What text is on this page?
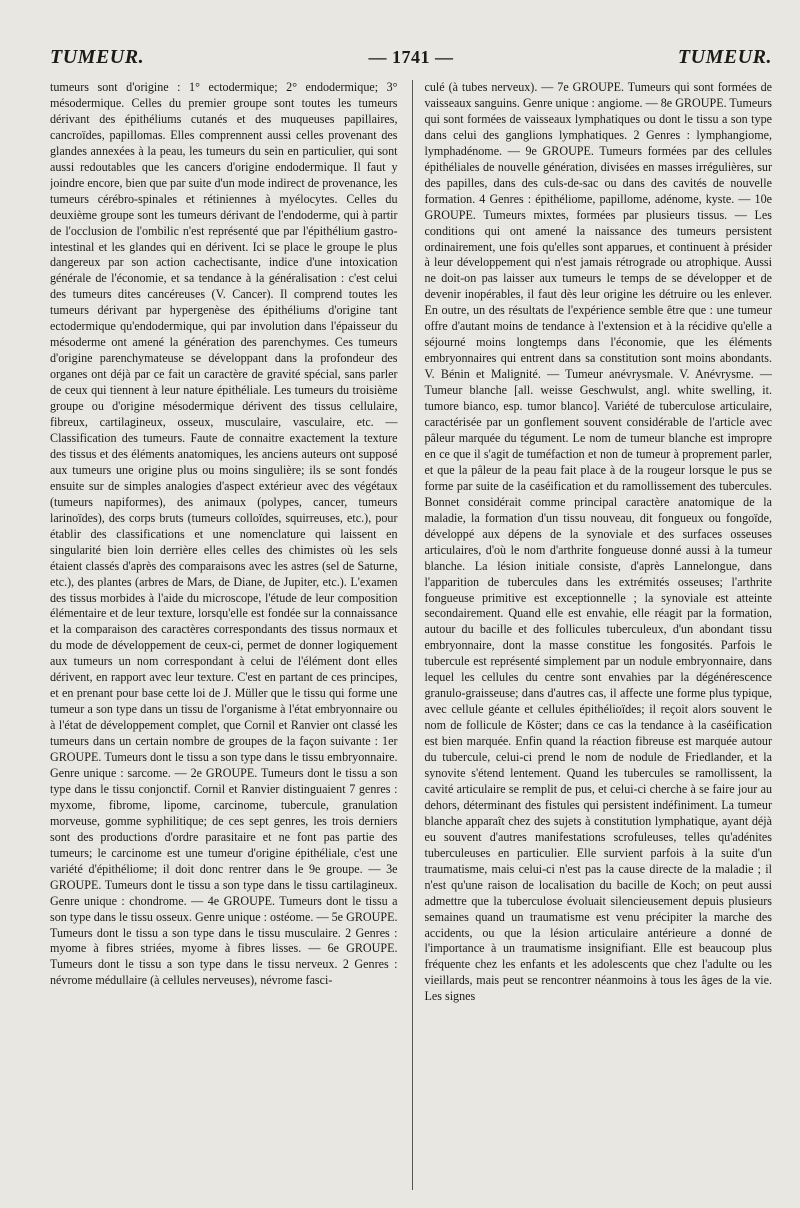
TUMEUR.	— 1741 —	TUMEUR.

tumeurs sont d'origine : 1° ectodermique; 2° endodermique; 3° mésodermique. Celles du premier groupe sont toutes les tumeurs dérivant des épithéliums cutanés et des muqueuses papillaires, cancroïdes, papillomas. Elles comprennent aussi celles provenant des glandes annexées à la peau, les tumeurs du sein en particulier, qui sont aussi redoutables que les cancers d'origine endodermique. Il faut y joindre encore, bien que par suite d'un mode indirect de provenance, les tumeurs cérébro-spinales et rétiniennes à myélocytes. Celles du deuxième groupe sont les tumeurs dérivant de l'endoderme, qui à partir de l'occlusion de l'ombilic n'est représenté que par l'épithélium gastro-intestinal et les glandes qui en dérivent. Ici se place le groupe le plus dangereux par son action cachectisante, indice d'une intoxication générale de l'économie, et sa tendance à la généralisation : c'est celui des tumeurs dites cancéreuses (V. Cancer). Il comprend toutes les tumeurs dérivant par hypergenèse des épithéliums d'origine tant ectodermique qu'endodermique, qui par involution dans l'épaisseur du mésoderme ont amené la génération des parenchymes. Ces tumeurs d'origine parenchymateuse se développant dans la profondeur des organes ont déjà par ce fait un caractère de gravité spécial, sans parler de ceux qui tiennent à leur nature épithéliale. Les tumeurs du troisième groupe ou d'origine mésodermique dérivent des tissus cellulaire, fibreux, cartilagineux, osseux, musculaire, vasculaire, etc. — Classification des tumeurs. Faute de connaitre exactement la texture des tissus et des éléments anatomiques, les anciens auteurs ont supposé aux tumeurs une origine plus ou moins singulière; ils se sont fondés ensuite sur de simples analogies d'aspect extérieur avec des végétaux (tumeurs napiformes), des animaux (polypes, cancer, tumeurs larinoïdes), des corps bruts (tumeurs colloïdes, squirreuses, etc.), pour établir des classifications et une nomenclature qui laissent en singularité bien loin derrière elles celles des chimistes où les sels étaient classés d'après des comparaisons avec les astres (sel de Saturne, etc.), des plantes (arbres de Mars, de Diane, de Jupiter, etc.). L'examen des tissus morbides à l'aide du microscope, l'étude de leur composition élémentaire et de leur texture, lorsqu'elle est fondée sur la connaissance et la comparaison des caractères correspondants des tissus normaux et du mode de développement de ceux-ci, permet de donner logiquement aux tumeurs un nom correspondant à celui de l'élément dont elles dérivent, en rapport avec leur texture. C'est en partant de ces principes, et en prenant pour base cette loi de J. Müller que le tissu qui forme une tumeur a son type dans un tissu de l'organisme à l'état embryonnaire ou à l'état de développement complet, que Cornil et Ranvier ont classé les tumeurs dans un certain nombre de groupes de la façon suivante : 1er GROUPE. Tumeurs dont le tissu a son type dans le tissu embryonnaire. Genre unique : sarcome. — 2e GROUPE. Tumeurs dont le tissu a son type dans le tissu conjonctif. Cornil et Ranvier distinguaient 7 genres : myxome, fibrome, lipome, carcinome, tubercule, granulation morveuse, gomme syphilitique; de ces sept genres, les trois derniers sont des productions d'ordre parasitaire et ne font pas partie des tumeurs; le carcinome est une tumeur d'origine épithéliale, c'est une variété d'épithéliome; il doit donc rentrer dans le 9e groupe. — 3e GROUPE. Tumeurs dont le tissu a son type dans le tissu cartilagineux. Genre unique : chondrome. — 4e GROUPE. Tumeurs dont le tissu a son type dans le tissu osseux. Genre unique : ostéome. — 5e GROUPE. Tumeurs dont le tissu a son type dans le tissu musculaire. 2 Genres : myome à fibres striées, myome à fibres lisses. — 6e GROUPE. Tumeurs dont le tissu a son type dans le tissu nerveux. 2 Genres : névrome médullaire (à cellules nerveuses), névrome fasci-

culé (à tubes nerveux). — 7e GROUPE. Tumeurs qui sont formées de vaisseaux sanguins. Genre unique : angiome. — 8e GROUPE. Tumeurs qui sont formées de vaisseaux lymphatiques ou dont le tissu a son type dans celui des ganglions lymphatiques. 2 Genres : lymphangiome, lymphadénome. — 9e GROUPE. Tumeurs formées par des cellules épithéliales de nouvelle génération, divisées en masses irrégulières, sur des papilles, dans des culs-de-sac ou dans des cavités de nouvelle formation. 4 Genres : épithéliome, papillome, adénome, kyste. — 10e GROUPE. Tumeurs mixtes, formées par plusieurs tissus. — Les conditions qui ont amené la naissance des tumeurs persistent ordinairement, une fois qu'elles sont apparues, et continuent à présider à leur développement qui n'est jamais rétrograde ou atrophique. Aussi ne doit-on pas laisser aux tumeurs le temps de se développer et de devenir inopérables, il faut dès leur origine les détruire ou les enlever. En outre, un des résultats de l'expérience semble être que : une tumeur offre d'autant moins de tendance à l'extension et à la récidive qu'elle a séjourné moins longtemps dans l'économie, que les éléments embryonnaires qui entrent dans sa constitution sont moins abondants. V. Bénin et Malignité. — Tumeur anévrysmale. V. Anévrysme. — Tumeur blanche [all. weisse Geschwulst, angl. white swelling, it. tumore bianco, esp. tumor blanco]. Variété de tuberculose articulaire, caractérisée par un gonflement souvent considérable de l'article avec pâleur marquée du tégument. Le nom de tumeur blanche est impropre en ce que il s'agit de tuméfaction et non de tumeur à proprement parler, et que la pâleur de la peau fait place à de la rougeur lorsque le pus se forme par suite de la caséification et du ramollissement des tubercules. Bonnet considérait comme principal caractère anatomique de la maladie, la formation d'un tissu nouveau, dit fongueux ou fongoïde, développé aux dépens de la synoviale et des surfaces osseuses articulaires, d'où le nom d'arthrite fongueuse donné aussi à la tumeur blanche. La lésion initiale consiste, d'après Lannelongue, dans l'apparition de tubercules dans les extrémités osseuses; l'arthrite fongueuse primitive est exceptionnelle ; la synoviale est atteinte secondairement. Quand elle est envahie, elle réagit par la formation, autour du bacille et des follicules tuberculeux, d'un abondant tissu embryonnaire, dont la masse constitue les fongosités. Parfois le tubercule est représenté simplement par un nodule embryonnaire, dans lequel les cellules du centre sont envahies par la dégénérescence granulo-graisseuse; dans d'autres cas, il affecte une forme plus typique, avec cellule géante et cellules épithélioïdes; il reçoit alors souvent le nom de follicule de Köster; dans ce cas la tendance à la caséification est bien marquée. Enfin quand la réaction fibreuse est marquée autour du tubercule, celui-ci prend le nom de nodule de Friedlander, et la synovite s'étend lentement. Quand les tubercules se ramollissent, la cavité articulaire se remplit de pus, et celui-ci cherche à se faire jour au dehors, déterminant des fistules qui persistent indéfiniment. La tumeur blanche apparaît chez des sujets à constitution lymphatique, ayant déjà eu souvent d'autres manifestations scrofuleuses, telles qu'adénites tuberculeuses en particulier. Elle survient parfois à la suite d'un traumatisme, mais celui-ci n'est pas la cause directe de la maladie ; il n'est qu'une raison de localisation du bacille de Koch; on peut aussi admettre que la tuberculose évoluait silencieusement depuis plusieurs semaines quand un traumatisme est venu précipiter la marche des accidents, ou que la lésion articulaire antérieure a donné de l'importance à un traumatisme insignifiant. Elle est beaucoup plus fréquente chez les enfants et les adolescents que chez l'adulte ou les vieillards, mais peut se rencontrer néanmoins à tous les âges de la vie. Les signes
